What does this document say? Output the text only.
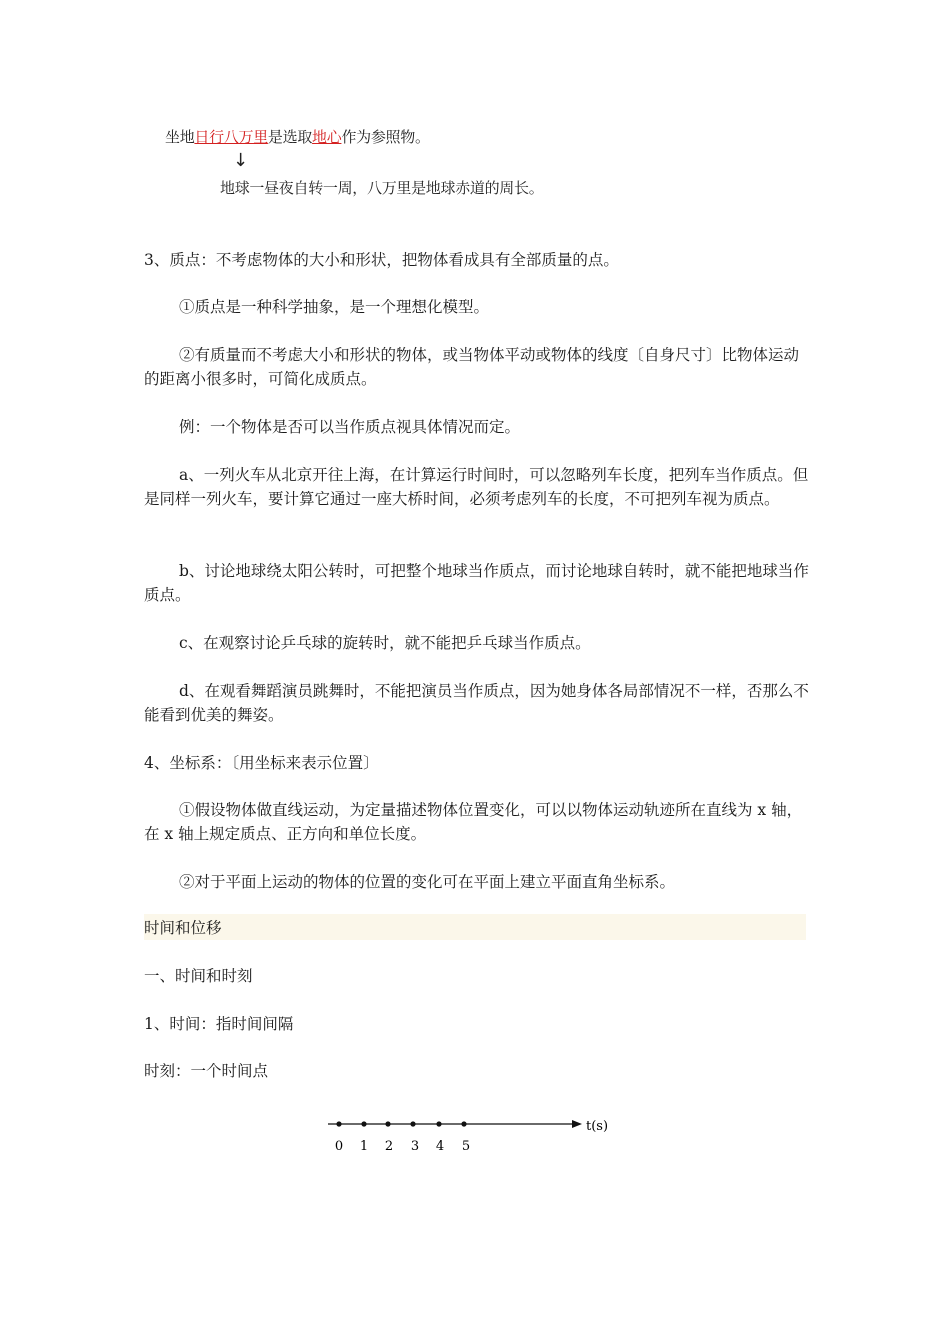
坐地日行八万里是选取地心作为参照物。
↓
地球一昼夜自转一周，八万里是地球赤道的周长。
3、质点：不考虑物体的大小和形状，把物体看成具有全部质量的点。
①质点是一种科学抽象，是一个理想化模型。
②有质量而不考虑大小和形状的物体，或当物体平动或物体的线度〔自身尺寸〕比物体运动的距离小很多时，可简化成质点。
例：一个物体是否可以当作质点视具体情况而定。
a、一列火车从北京开往上海，在计算运行时间时，可以忽略列车长度，把列车当作质点。但是同样一列火车，要计算它通过一座大桥时间，必须考虑列车的长度，不可把列车视为质点。
b、讨论地球绕太阳公转时，可把整个地球当作质点，而讨论地球自转时，就不能把地球当作质点。
c、在观察讨论乒乓球的旋转时，就不能把乒乓球当作质点。
d、在观看舞蹈演员跳舞时，不能把演员当作质点，因为她身体各局部情况不一样，否那么不能看到优美的舞姿。
4、坐标系：〔用坐标来表示位置〕
①假设物体做直线运动，为定量描述物体位置变化，可以以物体运动轨迹所在直线为 x 轴，在 x 轴上规定质点、正方向和单位长度。
②对于平面上运动的物体的位置的变化可在平面上建立平面直角坐标系。
时间和位移
一、时间和时刻
1、时间：指时间间隔
时刻：一个时间点
0 1 2 3 4 5
t(s)
